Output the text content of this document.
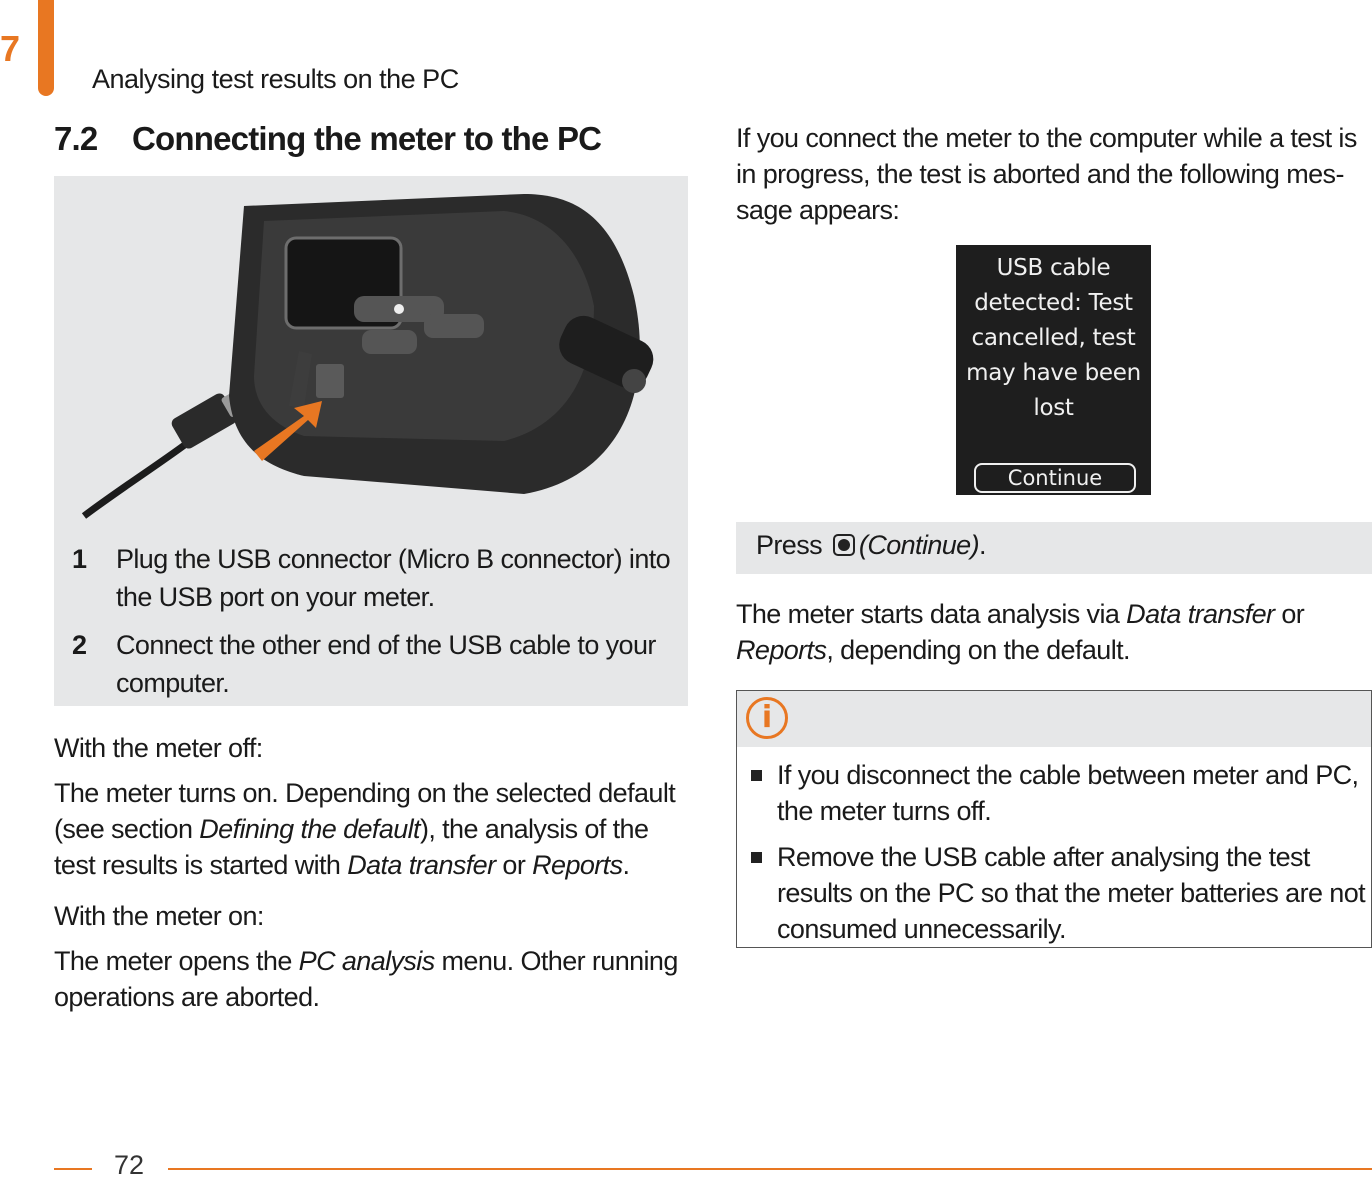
7
Analysing test results on the PC
7.2 Connecting the meter to the PC
1 Plug the USB connector (Micro B connector) into the USB port on your meter.
2 Connect the other end of the USB cable to your computer.
With the meter off:
The meter turns on. Depending on the selected default (see section Defining the default), the analysis of the test results is started with Data transfer or Reports.
With the meter on:
The meter opens the PC analysis menu. Other running operations are aborted.
If you connect the meter to the computer while a test is in progress, the test is aborted and the following mes-sage appears:
USB cable detected: Test cancelled, test may have been lost
Continue
Press (Continue).
The meter starts data analysis via Data transfer or Reports, depending on the default.
i
If you disconnect the cable between meter and PC, the meter turns off.
Remove the USB cable after analysing the test results on the PC so that the meter batteries are not consumed unnecessarily.
72
